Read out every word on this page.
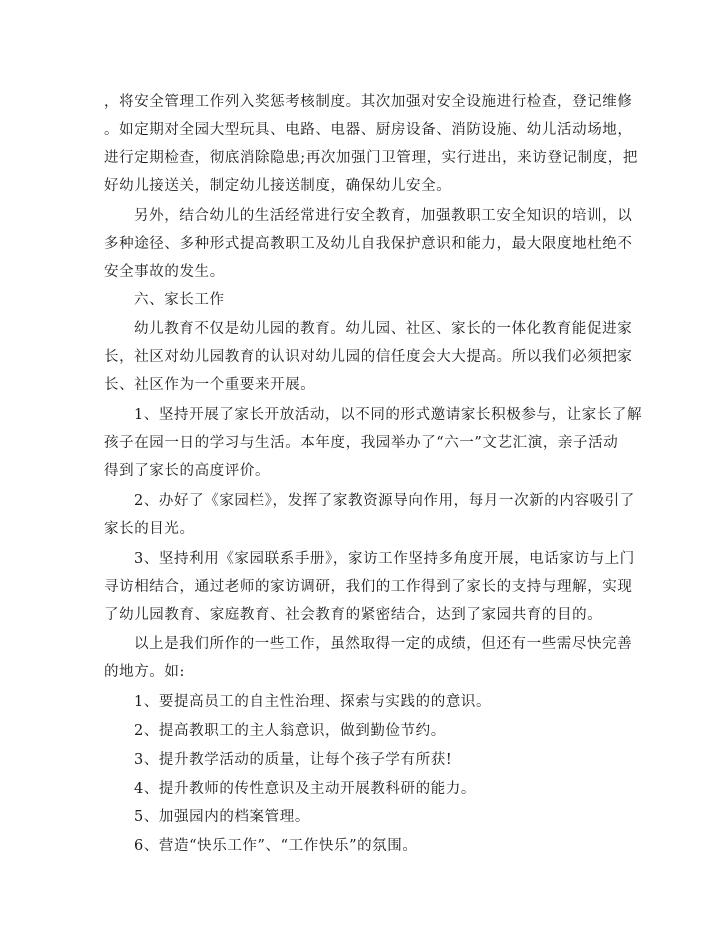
，将安全管理工作列入奖惩考核制度。其次加强对安全设施进行检查，登记维修

。如定期对全园大型玩具、电路、电器、厨房设备、消防设施、幼儿活动场地，

进行定期检查，彻底消除隐患;再次加强门卫管理，实行进出，来访登记制度，把

好幼儿接送关，制定幼儿接送制度，确保幼儿安全。

另外，结合幼儿的生活经常进行安全教育，加强教职工安全知识的培训，以

多种途径、多种形式提高教职工及幼儿自我保护意识和能力，最大限度地杜绝不

安全事故的发生。

六、家长工作

幼儿教育不仅是幼儿园的教育。幼儿园、社区、家长的一体化教育能促进家

长，社区对幼儿园教育的认识对幼儿园的信任度会大大提高。所以我们必须把家

长、社区作为一个重要来开展。

1、坚持开展了家长开放活动，以不同的形式邀请家长积极参与，让家长了解

孩子在园一日的学习与生活。本年度，我园举办了“六一”文艺汇演，亲子活动

得到了家长的高度评价。

2、办好了《家园栏》，发挥了家教资源导向作用，每月一次新的内容吸引了

家长的目光。

3、坚持利用《家园联系手册》，家访工作坚持多角度开展，电话家访与上门

寻访相结合，通过老师的家访调研，我们的工作得到了家长的支持与理解，实现

了幼儿园教育、家庭教育、社会教育的紧密结合，达到了家园共育的目的。

以上是我们所作的一些工作，虽然取得一定的成绩，但还有一些需尽快完善

的地方。如:

1、要提高员工的自主性治理、探索与实践的的意识。

2、提高教职工的主人翁意识，做到勤俭节约。

3、提升教学活动的质量，让每个孩子学有所获!

4、提升教师的传性意识及主动开展教科研的能力。

5、加强园内的档案管理。

6、营造“快乐工作”、“工作快乐”的氛围。
